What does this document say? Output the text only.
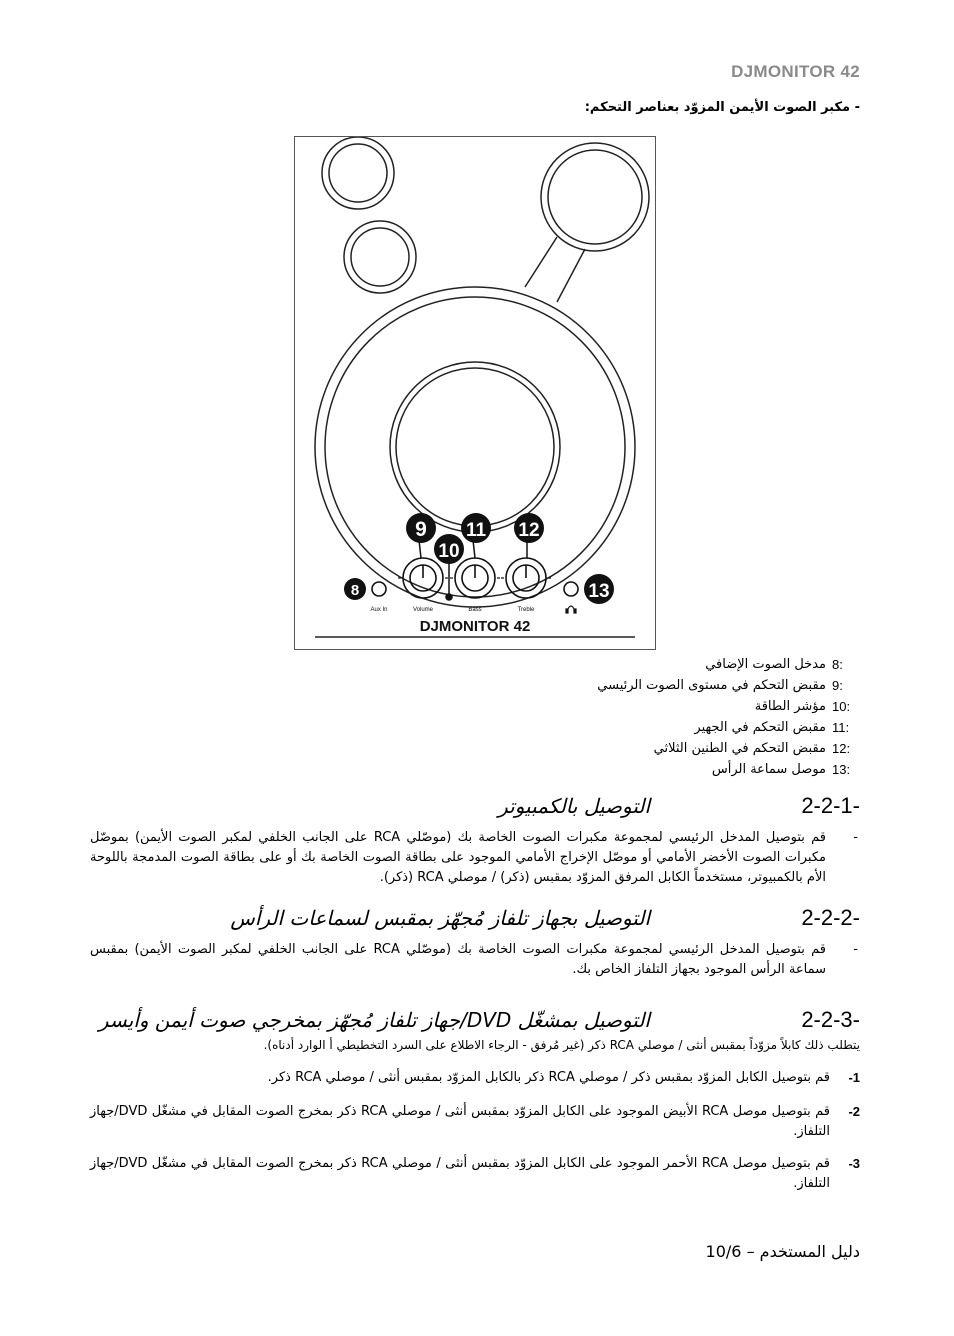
DJMONITOR 42
- مكبر الصوت الأيمن المزوّد بعناصر التحكم:
8
9
10
11 12
13
Aux In	Volume	Bass	Treble
DJMONITOR 42
8:
مدخل الصوت الإضافي
9:
مقبض التحكم في مستوى الصوت الرئيسي
10:
مؤشر الطاقة
11:
مقبض التحكم في الجهير
12:
مقبض التحكم في الطنين الثلاثي
13:
موصل سماعة الرأس
2-2-1-
التوصيل بالكمبيوتر
-
قم بتوصيل المدخل الرئيسي لمجموعة مكبرات الصوت الخاصة بك (موصّلي RCA على الجانب الخلفي لمكبر الصوت الأيمن) بموصّل مكبرات الصوت الأخضر الأمامي أو موصّل الإخراج الأمامي الموجود على بطاقة الصوت الخاصة بك أو على بطاقة الصوت المدمجة باللوحة الأم بالكمبيوتر، مستخدماً الكابل المرفق المزوّد بمقبس (ذكر) / موصلي RCA (ذكر).
2-2-2-
التوصيل بجهاز تلفاز مُجهّز بمقبس لسماعات الرأس
-
قم بتوصيل المدخل الرئيسي لمجموعة مكبرات الصوت الخاصة بك (موصّلي RCA على الجانب الخلفي لمكبر الصوت الأيمن) بمقبس سماعة الرأس الموجود بجهاز التلفاز الخاص بك.
2-2-3-
التوصيل بمشغّل DVD/جهاز تلفاز مُجهّز بمخرجي صوت أيمن وأيسر
يتطلب ذلك كابلاً مزوّداً بمقبس أنثى / موصلي RCA ذكر (غير مُرفق - الرجاء الاطلاع على السرد التخطيطي أ الوارد أدناه).
-1
قم بتوصيل الكابل المزوّد بمقبس ذكر / موصلي RCA ذكر بالكابل المزوّد بمقبس أنثى / موصلي RCA ذكر.
-2
قم بتوصيل موصل RCA الأبيض الموجود على الكابل المزوّد بمقبس أنثى / موصلي RCA ذكر بمخرج الصوت المقابل في مشغّل DVD/جهاز التلفاز.
-3
قم بتوصيل موصل RCA الأحمر الموجود على الكابل المزوّد بمقبس أنثى / موصلي RCA ذكر بمخرج الصوت المقابل في مشغّل DVD/جهاز التلفاز.
دليل المستخدم – 10/6
